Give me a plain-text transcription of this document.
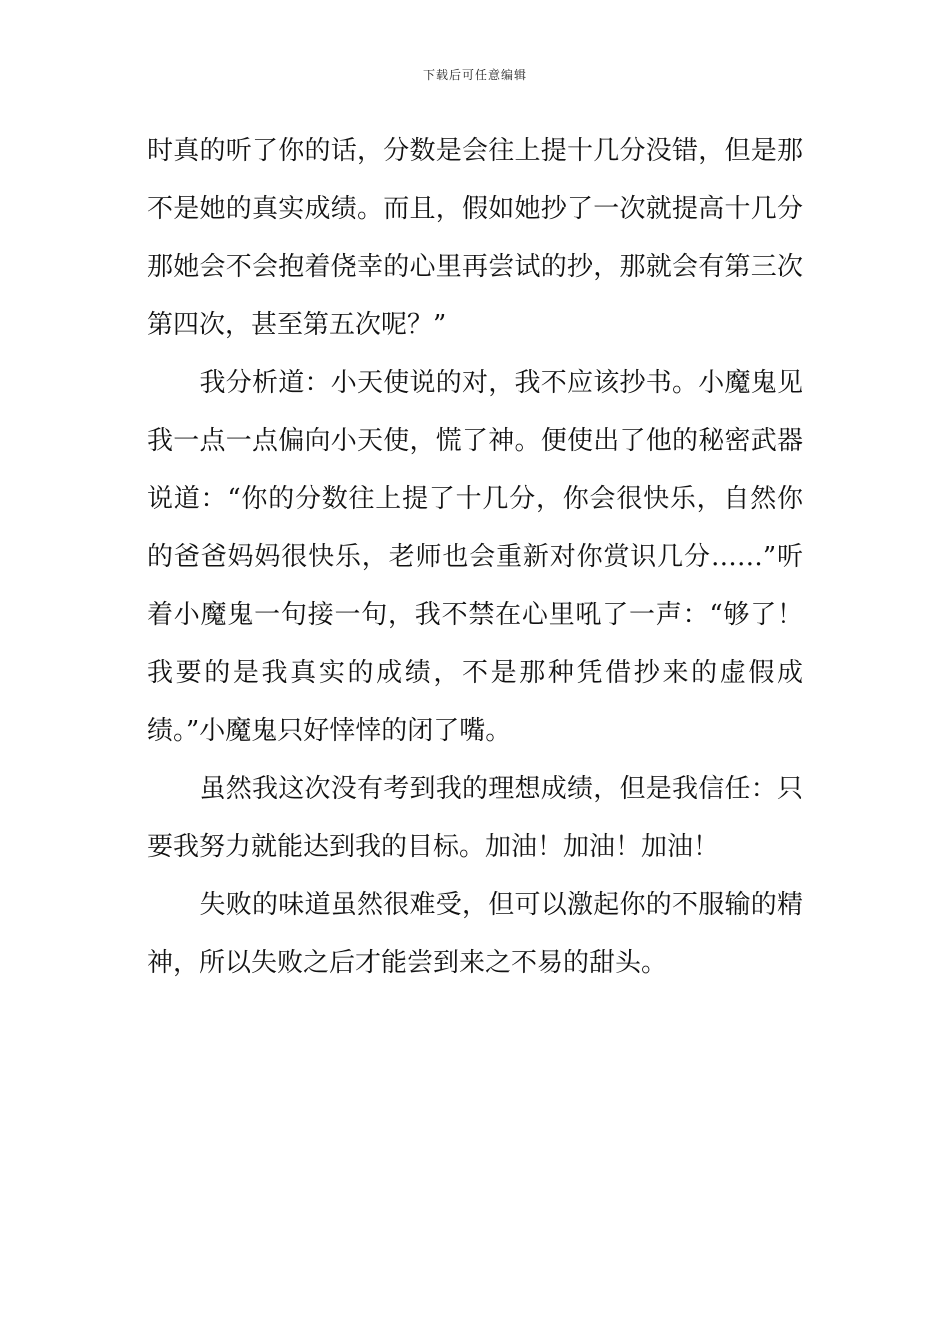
下载后可任意编辑
时真的听了你的话，分数是会往上提十几分没错，但是那
不是她的真实成绩。而且，假如她抄了一次就提高十几分
那她会不会抱着侥幸的心里再尝试的抄，那就会有第三次
第四次，甚至第五次呢？”
　　我分析道：小天使说的对，我不应该抄书。小魔鬼见
我一点一点偏向小天使，慌了神。便使出了他的秘密武器
说道：“你的分数往上提了十几分，你会很快乐，自然你
的爸爸妈妈很快乐，老师也会重新对你赏识几分……”听
着小魔鬼一句接一句，我不禁在心里吼了一声：“够了！
我要的是我真实的成绩，不是那种凭借抄来的虚假成
绩。”小魔鬼只好悻悻的闭了嘴。
　　虽然我这次没有考到我的理想成绩，但是我信任：只
要我努力就能达到我的目标。加油！加油！加油！
　　失败的味道虽然很难受，但可以激起你的不服输的精
神，所以失败之后才能尝到来之不易的甜头。
